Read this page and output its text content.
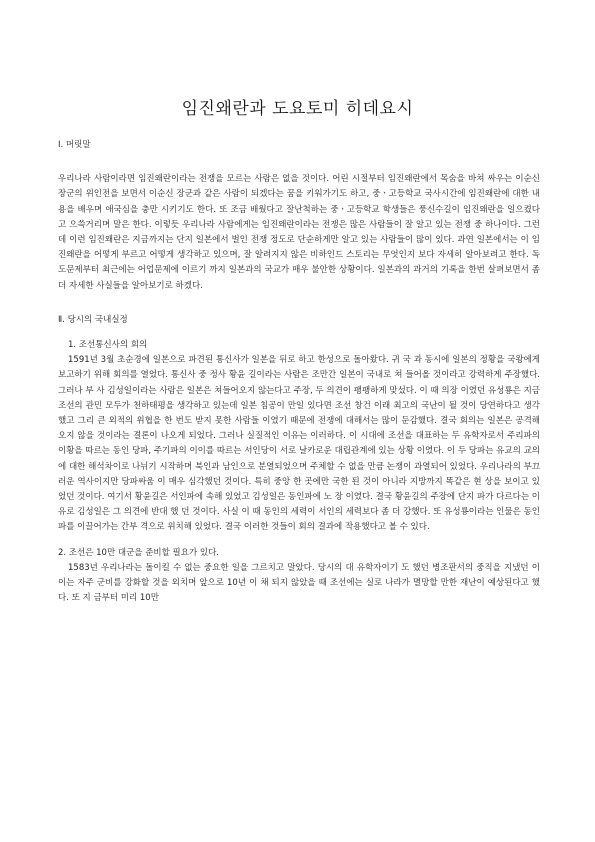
임진왜란과 도요토미 히데요시
Ⅰ. 머릿말

우리나라 사람이라면 임진왜란이라는 전쟁을 모르는 사람은 없을 것이다. 어린 시절부터 임진왜란에서 목숨을 바쳐 싸우는 이순신장군의 위인전을 보면서 이순신 장군과 같은 사람이 되겠다는 꿈을 키워가기도 하고, 중ㆍ고등학교 국사시간에 임진왜란에 대한 내용을 배우며 애국심을 충만 시키기도 한다. 또 조금 배웠다고 잘난척하는 중ㆍ고등학교 학생들은 풍신수길이 임진왜란을 일으켰다고 으쓱거리며 말은 한다. 이렇듯 우리나라 사람에게는 임진왜란이라는 전쟁은 많은 사람들이 잘 알고 있는 전쟁 중 하나이다. 그런데 이런 임진왜란은 지금까지는 단지 일본에서 벌인 전쟁 정도로 단순하게만 알고 있는 사람들이 많이 있다. 과연 일본에서는 이 임진왜란을 어떻게 부르고 어떻게 생각하고 있으며, 잘 알려지지 않은 비하인드 스토리는 무엇인지 보다 자세히 알아보려고 한다. 독도문제부터 최근에는 어업문제에 이르기 까지 일본과의 국교가 매우 불안한 상황이다. 일본과의 과거의 기록을 한번 살펴보면서 좀 더 자세한 사실들을 알아보기로 하겠다.

Ⅱ. 당시의 국내실정
1. 조선통신사의 회의

1591년 3월 초순경에 일본으로 파견된 통신사가 일본을 뒤로 하고 한성으로 돌아왔다. 귀 국 과 동시에 일본의 정황을 국왕에게 보고하기 위해 회의를 열었다. 통신사 중 정사 황윤 길이라는 사람은 조만간 일본이 국내로 쳐 들어올 것이라고 강력하게 주장했다. 그러나 부 사 김성일이라는 사람은 일본은 쳐들어오지 않는다고 주장, 두 의견이 팽팽하게 맞섰다. 이 때 의장 이였던 유성룡은 지금 조선의 관민 모두가 천하태평을 생각하고 있는데 일본 침공이 만일 있다면 조선 창건 이래 최고의 국난이 될 것이 당연하다고 생각했고 그리 큰 외적의 위협을 한 번도 받지 못한 사람들 이였기 때문에 전쟁에 대해서는 많이 둔감했다. 결국 회의는 일본은 공격해 오지 않을 것이라는 결론이 나오게 되었다. 그러나 실질적인 이유는 이러하다. 이 시대에 조선을 대표하는 두 유학자로서 주리파의 이황을 따르는 동인 당파, 주기파의 이이를 따르는 서인당이 서로 날카로운 대립관계에 있는 상황 이였다. 이 두 당파는 유교의 교의에 대한 해석차이로 나뉘기 시작하며 북인과 남인으로 분열되었으며 주체할 수 없을 만큼 논쟁이 과열되어 있었다. 우리나라의 부끄러운 역사이지만 당파싸움 이 매우 심각했던 것이다. 특히 중앙 한 곳에만 국한 된 것이 아니라 지방까지 똑같은 현 상을 보이고 있었던 것이다. 여기서 황윤길은 서인파에 속해 있었고 김성일은 동인파에 노 장 이였다. 결국 황윤길의 주장에 단지 파가 다르다는 이유로 김성일은 그 의견에 반대 했 던 것이다. 사실 이 때 동인의 세력이 서인의 세력보다 좀 더 강했다. 또 유성룡이라는 인물은 동인파를 이끌어가는 간부 격으로 위치해 있었다. 결국 이러한 것들이 회의 결과에 작용했다고 볼 수 있다.

2. 조선은 10만 대군을 준비할 필요가 있다.

1583년 우리나라는 돌이킬 수 없는 중요한 일을 그르치고 말았다. 당시의 대 유학자이기 도 했던 병조판서의 중직을 지냈던 이이는 자주 군비를 강화할 것을 외치며 앞으로 10년 이 채 되지 않았을 때 조선에는 실로 나라가 멸망할 만한 재난이 예상된다고 했다. 또 지 금부터 미리 10만
